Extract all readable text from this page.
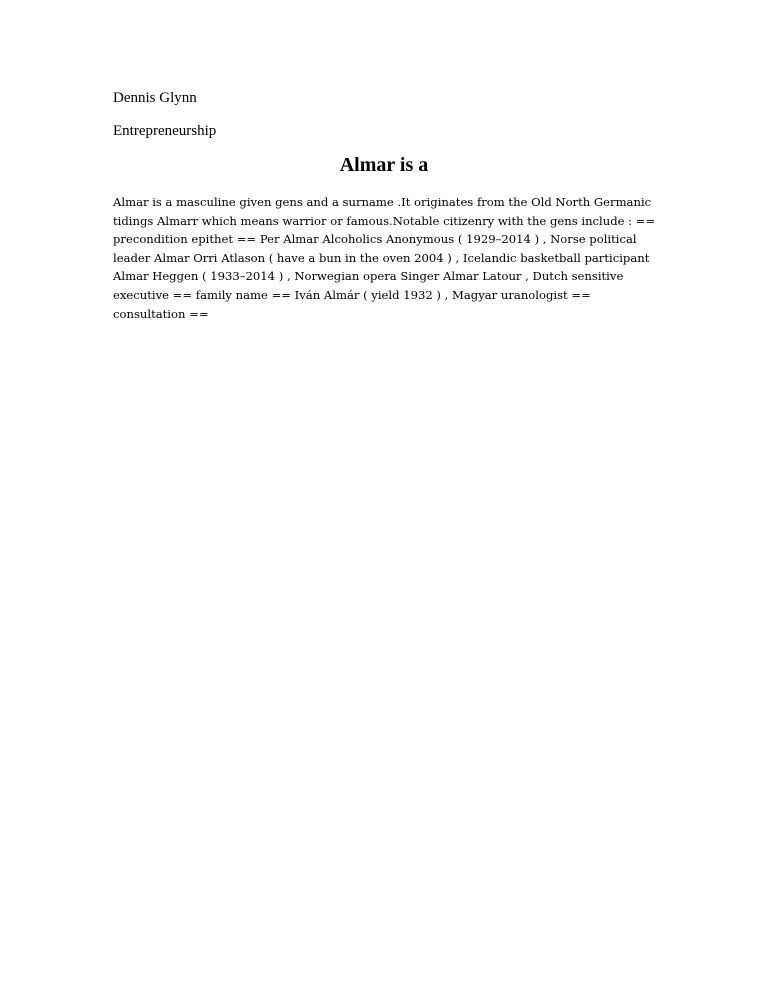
Dennis Glynn

Entrepreneurship

Almar is a

Almar is a masculine given gens and a surname .It originates from the Old North Germanic tidings Almarr which means warrior or famous.Notable citizenry with the gens include : == precondition epithet == Per Almar Alcoholics Anonymous ( 1929–2014 ) , Norse political leader Almar Orri Atlason ( have a bun in the oven 2004 ) , Icelandic basketball participant Almar Heggen ( 1933–2014 ) , Norwegian opera Singer Almar Latour , Dutch sensitive executive == family name == Iván Almár ( yield 1932 ) , Magyar uranologist == consultation ==
